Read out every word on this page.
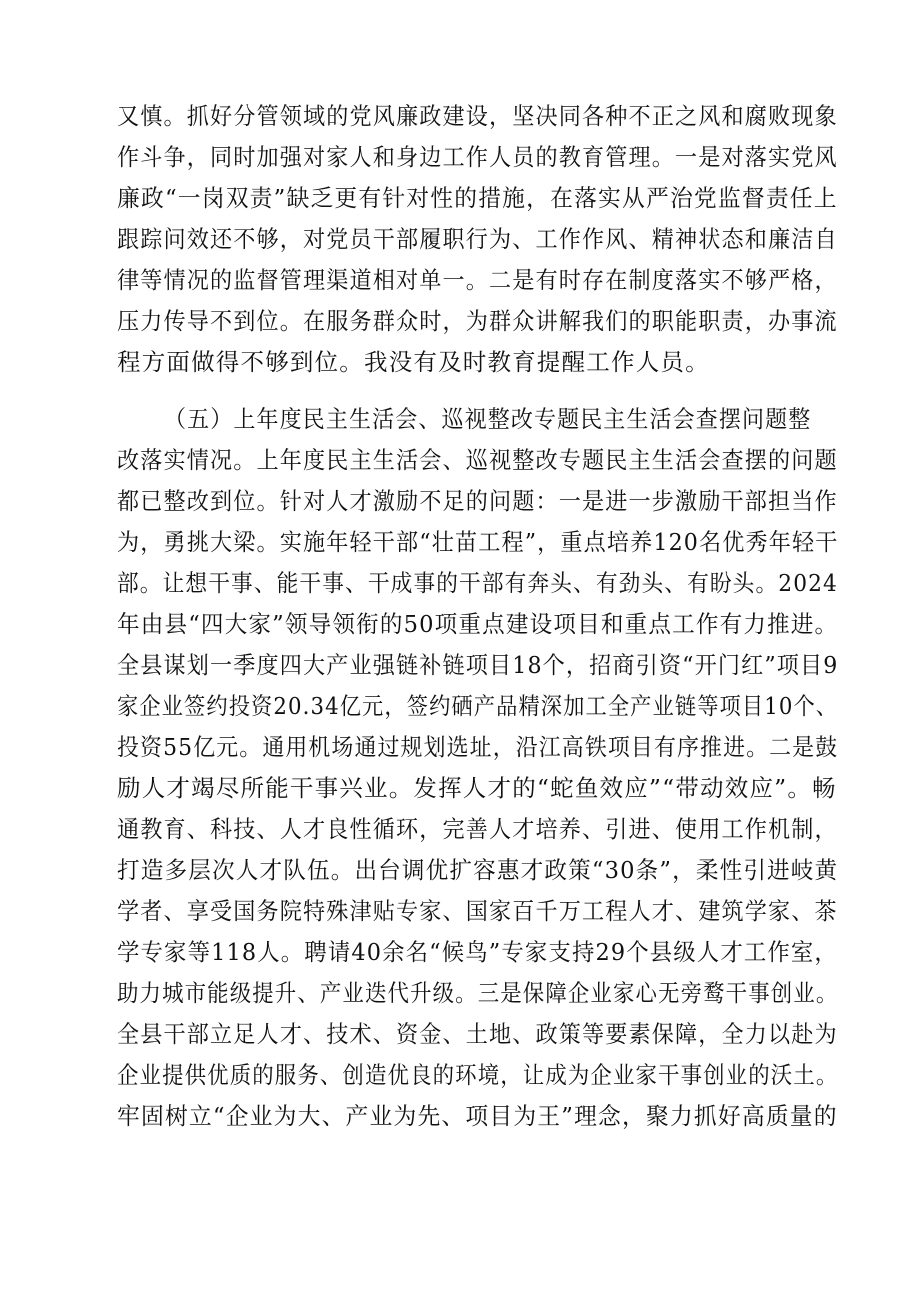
又慎。抓好分管领域的党风廉政建设，坚决同各种不正之风和腐败现象
作斗争，同时加强对家人和身边工作人员的教育管理。一是对落实党风
廉政“一岗双责”缺乏更有针对性的措施，在落实从严治党监督责任上
跟踪问效还不够，对党员干部履职行为、工作作风、精神状态和廉洁自
律等情况的监督管理渠道相对单一。二是有时存在制度落实不够严格，
压力传导不到位。在服务群众时，为群众讲解我们的职能职责，办事流
程方面做得不够到位。我没有及时教育提醒工作人员。
（五）上年度民主生活会、巡视整改专题民主生活会查摆问题整
改落实情况。上年度民主生活会、巡视整改专题民主生活会查摆的问题
都已整改到位。针对人才激励不足的问题：一是进一步激励干部担当作
为，勇挑大梁。实施年轻干部“壮苗工程”，重点培养120名优秀年轻干
部。让想干事、能干事、干成事的干部有奔头、有劲头、有盼头。2024
年由县“四大家”领导领衔的50项重点建设项目和重点工作有力推进。
全县谋划一季度四大产业强链补链项目18个，招商引资“开门红”项目9
家企业签约投资20.34亿元，签约硒产品精深加工全产业链等项目10个、
投资55亿元。通用机场通过规划选址，沿江高铁项目有序推进。二是鼓
励人才竭尽所能干事兴业。发挥人才的“蛇鱼效应”“带动效应”。畅
通教育、科技、人才良性循环，完善人才培养、引进、使用工作机制，
打造多层次人才队伍。出台调优扩容惠才政策“30条”，柔性引进岐黄
学者、享受国务院特殊津贴专家、国家百千万工程人才、建筑学家、茶
学专家等118人。聘请40余名“候鸟”专家支持29个县级人才工作室，
助力城市能级提升、产业迭代升级。三是保障企业家心无旁鹜干事创业。
全县干部立足人才、技术、资金、土地、政策等要素保障，全力以赴为
企业提供优质的服务、创造优良的环境，让成为企业家干事创业的沃土。
牢固树立“企业为大、产业为先、项目为王”理念，聚力抓好高质量的
